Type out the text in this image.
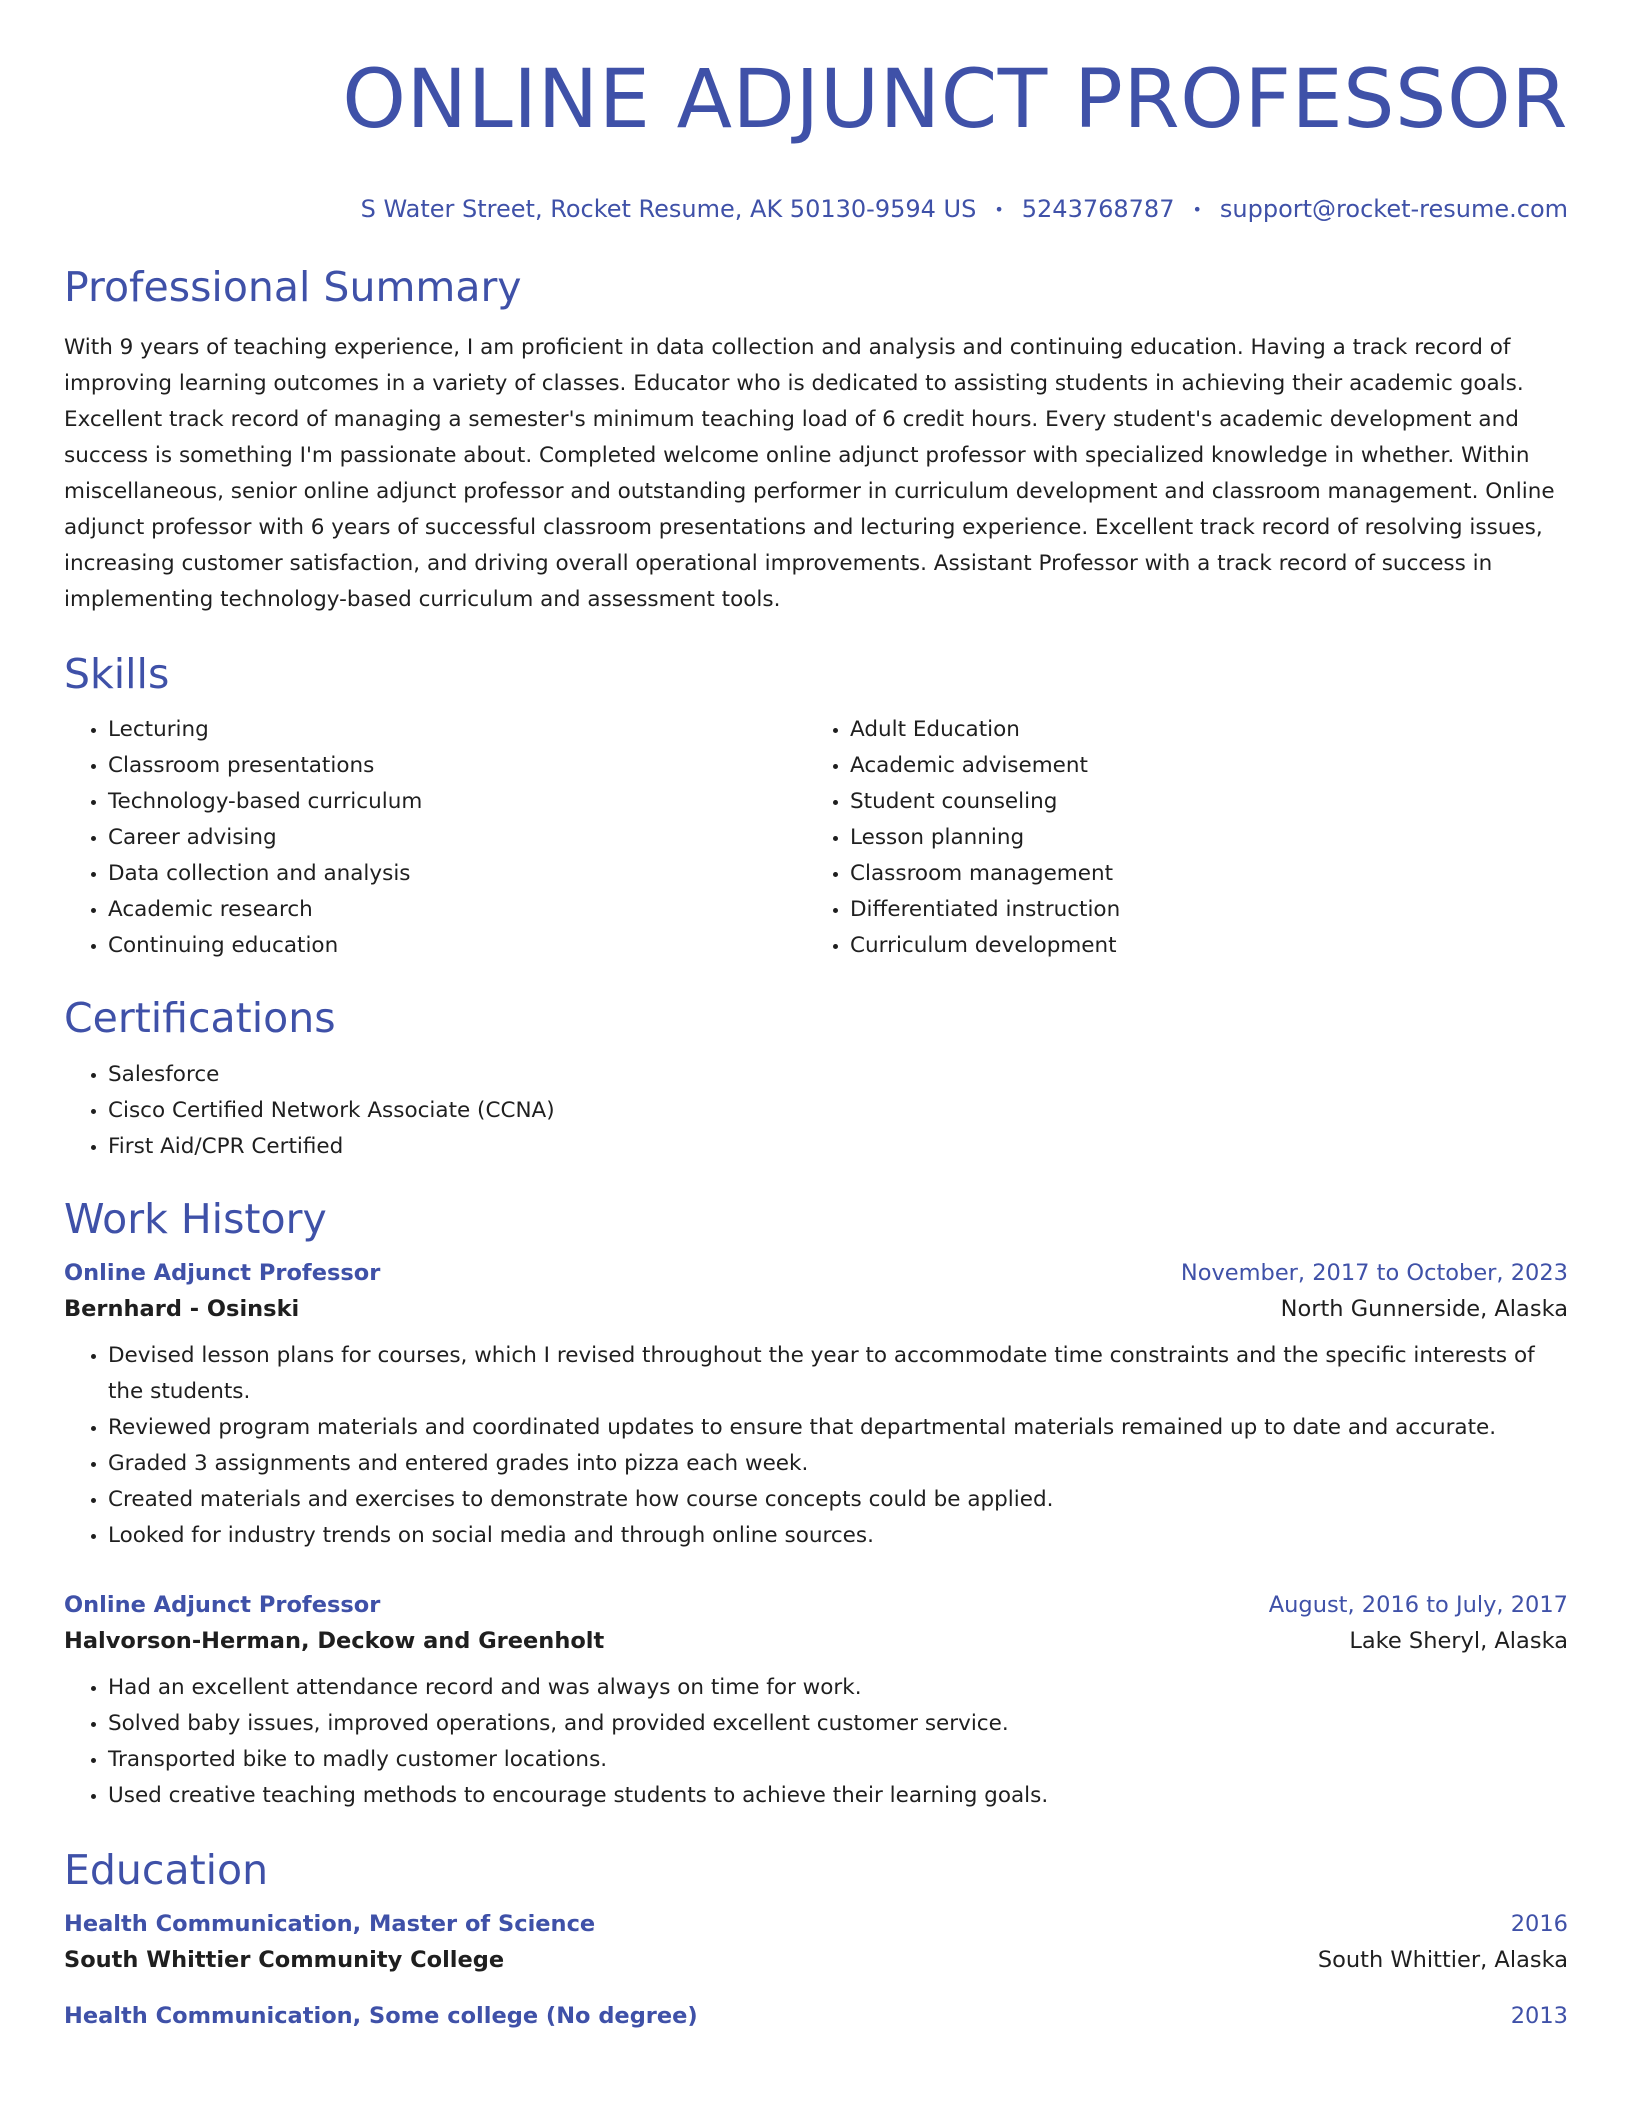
ONLINE ADJUNCT PROFESSOR
S Water Street, Rocket Resume, AK 50130-9594 US • 5243768787 • support@rocket-resume.com
Professional Summary
With 9 years of teaching experience, I am proficient in data collection and analysis and continuing education. Having a track record of improving learning outcomes in a variety of classes. Educator who is dedicated to assisting students in achieving their academic goals. Excellent track record of managing a semester's minimum teaching load of 6 credit hours. Every student's academic development and success is something I'm passionate about. Completed welcome online adjunct professor with specialized knowledge in whether. Within miscellaneous, senior online adjunct professor and outstanding performer in curriculum development and classroom management. Online adjunct professor with 6 years of successful classroom presentations and lecturing experience. Excellent track record of resolving issues, increasing customer satisfaction, and driving overall operational improvements. Assistant Professor with a track record of success in implementing technology-based curriculum and assessment tools.
Skills
• Lecturing
• Classroom presentations
• Technology-based curriculum
• Career advising
• Data collection and analysis
• Academic research
• Continuing education
• Adult Education
• Academic advisement
• Student counseling
• Lesson planning
• Classroom management
• Differentiated instruction
• Curriculum development
Certifications
• Salesforce
• Cisco Certified Network Associate (CCNA)
• First Aid/CPR Certified
Work History
Online Adjunct Professor	November, 2017 to October, 2023
Bernhard - Osinski	North Gunnerside, Alaska
• Devised lesson plans for courses, which I revised throughout the year to accommodate time constraints and the specific interests of the students.
• Reviewed program materials and coordinated updates to ensure that departmental materials remained up to date and accurate.
• Graded 3 assignments and entered grades into pizza each week.
• Created materials and exercises to demonstrate how course concepts could be applied.
• Looked for industry trends on social media and through online sources.
Online Adjunct Professor	August, 2016 to July, 2017
Halvorson-Herman, Deckow and Greenholt	Lake Sheryl, Alaska
• Had an excellent attendance record and was always on time for work.
• Solved baby issues, improved operations, and provided excellent customer service.
• Transported bike to madly customer locations.
• Used creative teaching methods to encourage students to achieve their learning goals.
Education
Health Communication, Master of Science	2016
South Whittier Community College	South Whittier, Alaska
Health Communication, Some college (No degree)	2013
